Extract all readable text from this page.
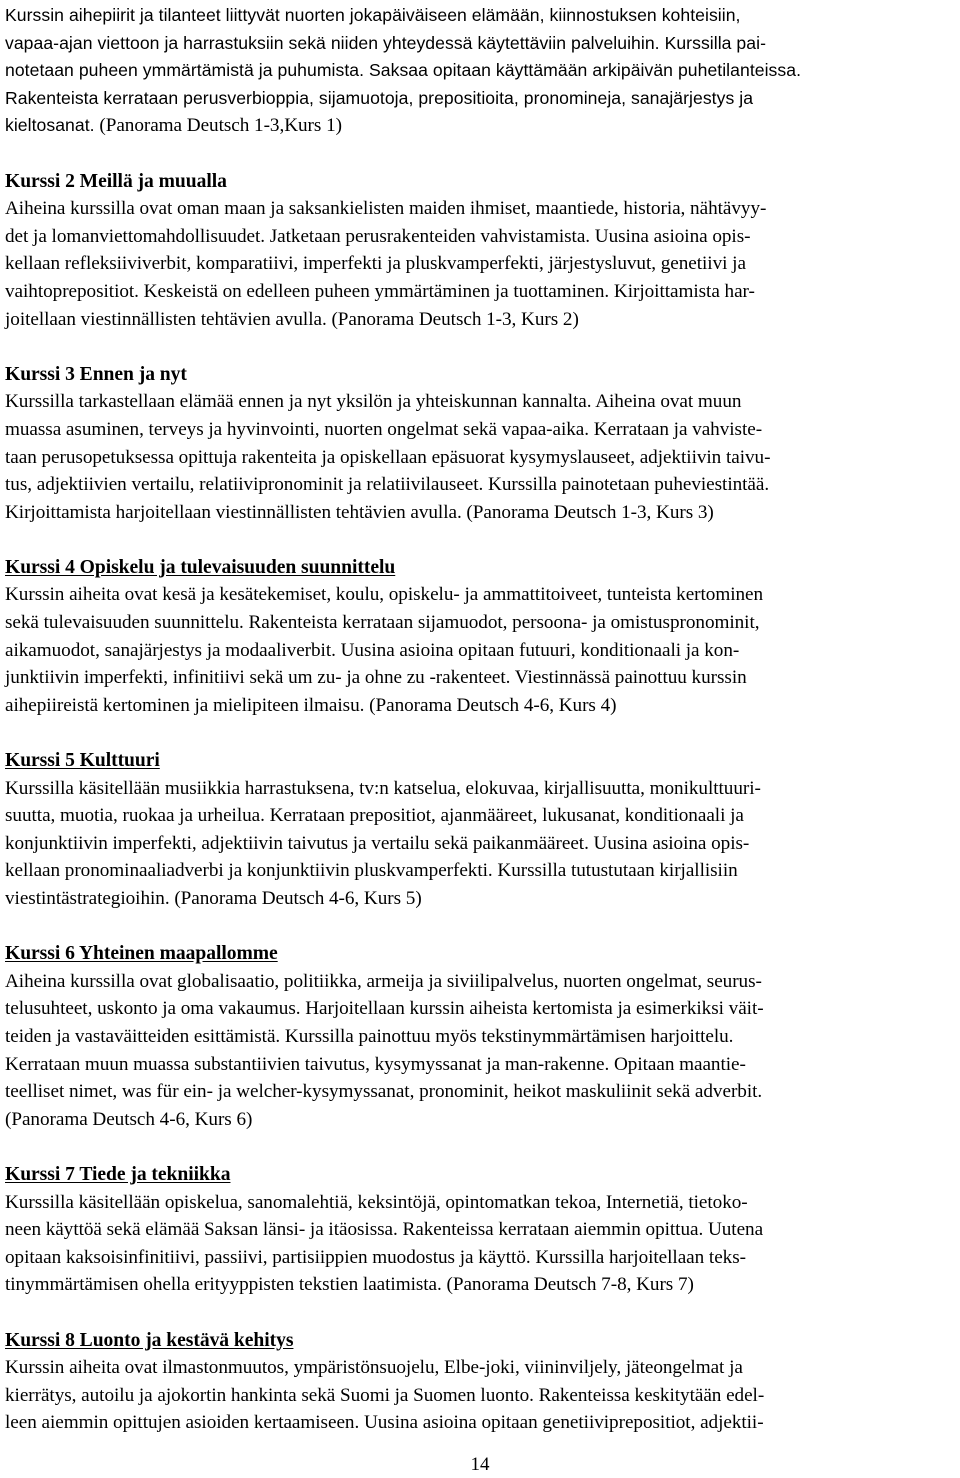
Kurssin aihepiirit ja tilanteet liittyvät nuorten jokapäiväiseen elämään, kiinnostuksen kohteisiin,
vapaa-ajan viettoon ja harrastuksiin sekä niiden yhteydessä käytettäviin palveluihin. Kurssilla pai-
notetaan puheen ymmärtämistä ja puhumista. Saksaa opitaan käyttämään arkipäivän puhetilanteissa.
Rakenteista kerrataan perusverbioppia, sijamuotoja, prepositioita, pronomineja, sanajärjestys ja
kieltosanat. (Panorama Deutsch 1-3,Kurs 1)
Kurssi 2 Meillä ja muualla
Aiheina kurssilla ovat oman maan ja saksankielisten maiden ihmiset, maantiede, historia, nähtävyy-
det ja lomanviettomahdollisuudet. Jatketaan perusrakenteiden vahvistamista. Uusina asioina opis-
kellaan refleksiiviverbit, komparatiivi, imperfekti ja pluskvamperfekti, järjestysluvut, genetiivi ja
vaihtoprepositiot. Keskeistä on edelleen puheen ymmärtäminen ja tuottaminen. Kirjoittamista har-
joitellaan viestinnällisten tehtävien avulla. (Panorama Deutsch 1-3, Kurs 2)
Kurssi 3 Ennen ja nyt
Kurssilla tarkastellaan elämää ennen ja nyt yksilön ja yhteiskunnan kannalta. Aiheina ovat muun
muassa asuminen, terveys ja hyvinvointi, nuorten ongelmat sekä vapaa-aika. Kerrataan ja vahviste-
taan perusopetuksessa opittuja rakenteita ja opiskellaan epäsuorat kysymyslauseet, adjektiivin taivu-
tus, adjektiivien vertailu, relatiivipronominit ja relatiivilauseet. Kurssilla painotetaan puheviestintää.
Kirjoittamista harjoitellaan viestinnällisten tehtävien avulla. (Panorama Deutsch 1-3, Kurs 3)
Kurssi 4 Opiskelu ja tulevaisuuden suunnittelu
Kurssin aiheita ovat kesä ja kesätekemiset, koulu, opiskelu- ja ammattitoiveet, tunteista kertominen
sekä tulevaisuuden suunnittelu. Rakenteista kerrataan sijamuodot, persoona- ja omistuspronominit,
aikamuodot, sanajärjestys ja modaaliverbit. Uusina asioina opitaan futuuri, konditionaali ja kon-
junktiivin imperfekti, infinitiivi sekä um zu- ja ohne zu -rakenteet. Viestinnässä painottuu kurssin
aihepiireistä kertominen ja mielipiteen ilmaisu. (Panorama Deutsch 4-6, Kurs 4)
Kurssi 5 Kulttuuri
Kurssilla käsitellään musiikkia harrastuksena, tv:n katselua, elokuvaa, kirjallisuutta, monikulttuuri-
suutta, muotia, ruokaa ja urheilua. Kerrataan prepositiot, ajanmääreet, lukusanat, konditionaali ja
konjunktiivin imperfekti, adjektiivin taivutus ja vertailu sekä paikanmääreet. Uusina asioina opis-
kellaan pronominaaliadverbi ja konjunktiivin pluskvamperfekti. Kurssilla tutustutaan kirjallisiin
viestintästrategioihin. (Panorama Deutsch 4-6, Kurs 5)
Kurssi 6 Yhteinen maapallomme
Aiheina kurssilla ovat globalisaatio, politiikka, armeija ja siviilipalvelus, nuorten ongelmat, seurus-
telusuhteet, uskonto ja oma vakaumus. Harjoitellaan kurssin aiheista kertomista ja esimerkiksi väit-
teiden ja vastaväitteiden esittämistä. Kurssilla painottuu myös tekstinymmärtämisen harjoittelu.
Kerrataan muun muassa substantiivien taivutus, kysymyssanat ja man-rakenne. Opitaan maantie-
teelliset nimet, was für ein- ja welcher-kysymyssanat, pronominit, heikot maskuliinit sekä adverbit.
(Panorama Deutsch 4-6, Kurs 6)
Kurssi 7 Tiede ja tekniikka
Kurssilla käsitellään opiskelua, sanomalehtiä, keksintöjä, opintomatkan tekoa, Internetiä, tietoko-
neen käyttöä sekä elämää Saksan länsi- ja itäosissa. Rakenteissa kerrataan aiemmin opittua. Uutena
opitaan kaksoisinfinitiivi, passiivi, partisiippien muodostus ja käyttö. Kurssilla harjoitellaan teks-
tinymmärtämisen ohella erityyppisten tekstien laatimista. (Panorama Deutsch 7-8, Kurs 7)
Kurssi 8 Luonto ja kestävä kehitys
Kurssin aiheita ovat ilmastonmuutos, ympäristönsuojelu, Elbe-joki, viininviljely, jäteongelmat ja
kierrätys, autoilu ja ajokortin hankinta sekä Suomi ja Suomen luonto. Rakenteissa keskitytään edel-
leen aiemmin opittujen asioiden kertaamiseen. Uusina asioina opitaan genetiiviprepositiot, adjektii-
14
